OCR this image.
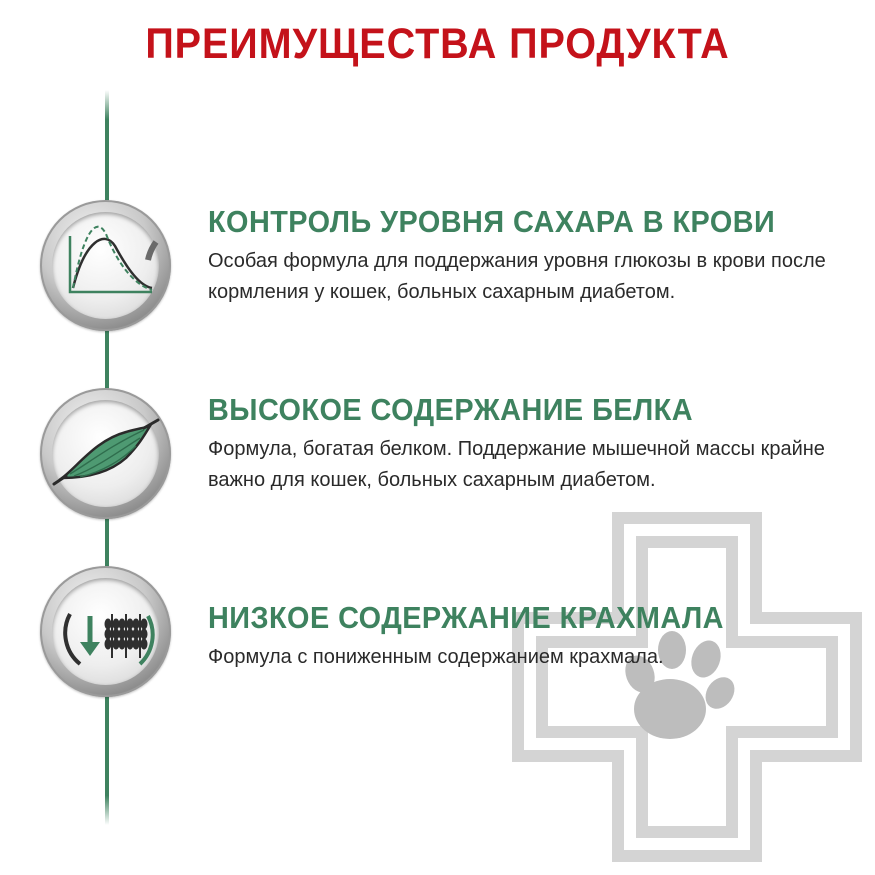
ПРЕИМУЩЕСТВА ПРОДУКТА
КОНТРОЛЬ УРОВНЯ САХАРА В КРОВИ

Особая формула для поддержания уровня глюкозы в крови после кормления у кошек, больных сахарным диабетом.

ВЫСОКОЕ СОДЕРЖАНИЕ БЕЛКА

Формула, богатая белком. Поддержание мышечной массы крайне важно для кошек, больных сахарным диабетом.

НИЗКОЕ СОДЕРЖАНИЕ КРАХМАЛА

Формула с пониженным содержанием крахмала.
